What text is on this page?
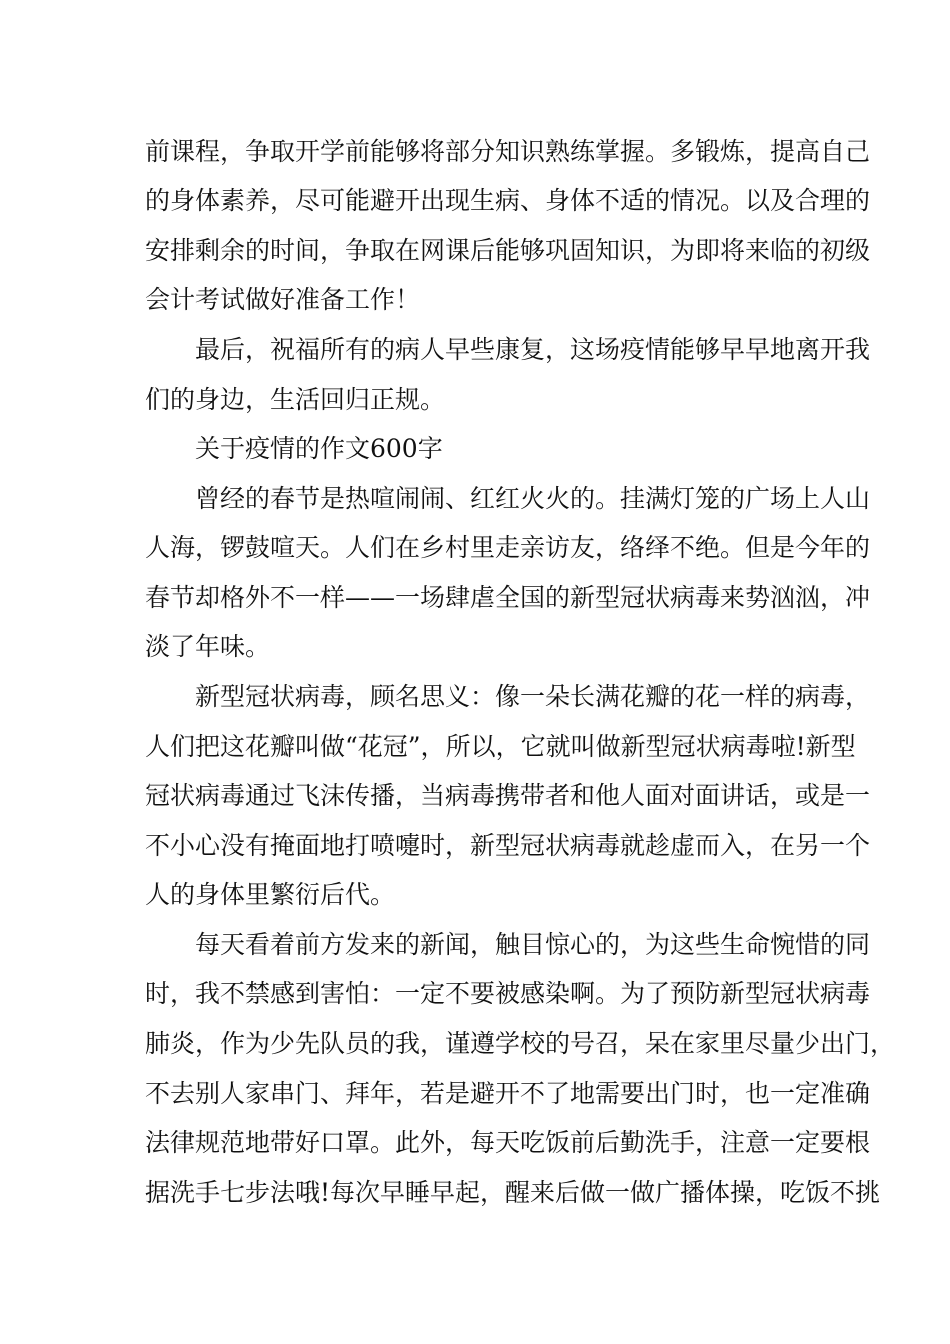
前课程，争取开学前能够将部分知识熟练掌握。多锻炼，提高自己
的身体素养，尽可能避开出现生病、身体不适的情况。以及合理的
安排剩余的时间，争取在网课后能够巩固知识，为即将来临的初级
会计考试做好准备工作！
　　最后，祝福所有的病人早些康复，这场疫情能够早早地离开我
们的身边，生活回归正规。
　　关于疫情的作文600字
　　曾经的春节是热喧闹闹、红红火火的。挂满灯笼的广场上人山
人海，锣鼓喧天。人们在乡村里走亲访友，络绎不绝。但是今年的
春节却格外不一样——一场肆虐全国的新型冠状病毒来势汹汹，冲
淡了年味。
　　新型冠状病毒，顾名思义：像一朵长满花瓣的花一样的病毒，
人们把这花瓣叫做“花冠”，所以，它就叫做新型冠状病毒啦!新型
冠状病毒通过飞沫传播，当病毒携带者和他人面对面讲话，或是一
不小心没有掩面地打喷嚏时，新型冠状病毒就趁虚而入，在另一个
人的身体里繁衍后代。
　　每天看着前方发来的新闻，触目惊心的，为这些生命惋惜的同
时，我不禁感到害怕：一定不要被感染啊。为了预防新型冠状病毒
肺炎，作为少先队员的我，谨遵学校的号召，呆在家里尽量少出门，
不去别人家串门、拜年，若是避开不了地需要出门时，也一定准确
法律规范地带好口罩。此外，每天吃饭前后勤洗手，注意一定要根
据洗手七步法哦!每次早睡早起，醒来后做一做广播体操，吃饭不挑
